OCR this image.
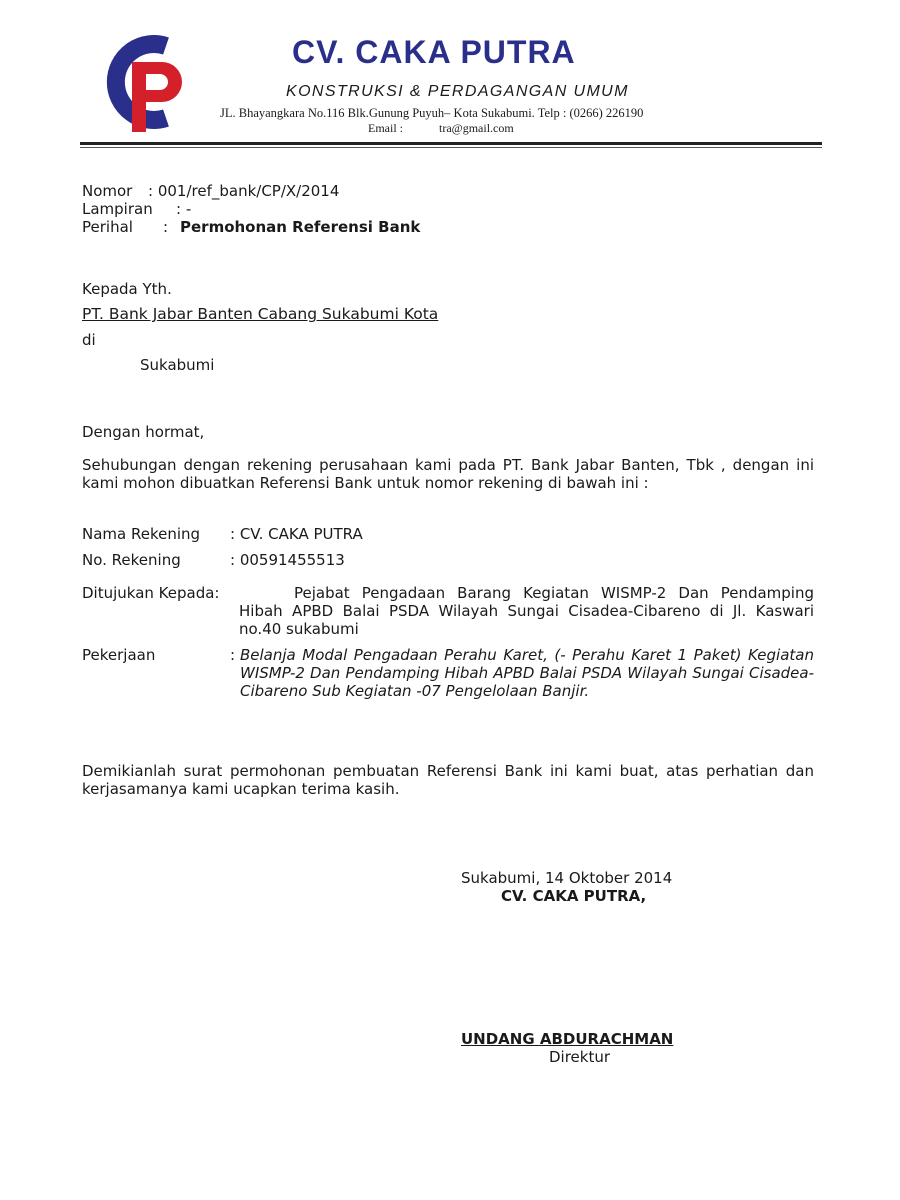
CV. CAKA PUTRA
KONSTRUKSI & PERDAGANGAN UMUM
JL. Bhayangkara No.116 Blk.Gunung Puyuh– Kota Sukabumi. Telp : (0266) 226190
Email : ‌ ‌ ‌ ‌ ‌ ‌ ‌ ‌ ‌ ‌ ‌ tra@gmail.com
Nomor : 001/ref_bank/CP/X/2014
Lampiran : -
Perihal : Permohonan Referensi Bank
Kepada Yth.
PT. Bank Jabar Banten Cabang Sukabumi Kota
di
Sukabumi
Dengan hormat,
Sehubungan dengan rekening perusahaan kami pada PT. Bank Jabar Banten, Tbk , dengan ini kami mohon dibuatkan Referensi Bank untuk nomor rekening di bawah ini :
Nama Rekening : CV. CAKA PUTRA
No. Rekening	: 00591455513
Ditujukan Kepada:	Pejabat Pengadaan Barang Kegiatan WISMP-2 Dan Pendamping Hibah APBD Balai PSDA Wilayah Sungai Cisadea-Cibareno di Jl. Kaswari no.40 sukabumi
Pekerjaan	: Belanja Modal Pengadaan Perahu Karet, (- Perahu Karet 1 Paket) Kegiatan WISMP-2 Dan Pendamping Hibah APBD Balai PSDA Wilayah Sungai Cisadea-Cibareno Sub Kegiatan -07 Pengelolaan Banjir.
Demikianlah surat permohonan pembuatan Referensi Bank ini kami buat, atas perhatian dan kerjasamanya kami ucapkan terima kasih.
Sukabumi, 14 Oktober 2014
CV. CAKA PUTRA,
UNDANG ABDURACHMAN
Direktur
